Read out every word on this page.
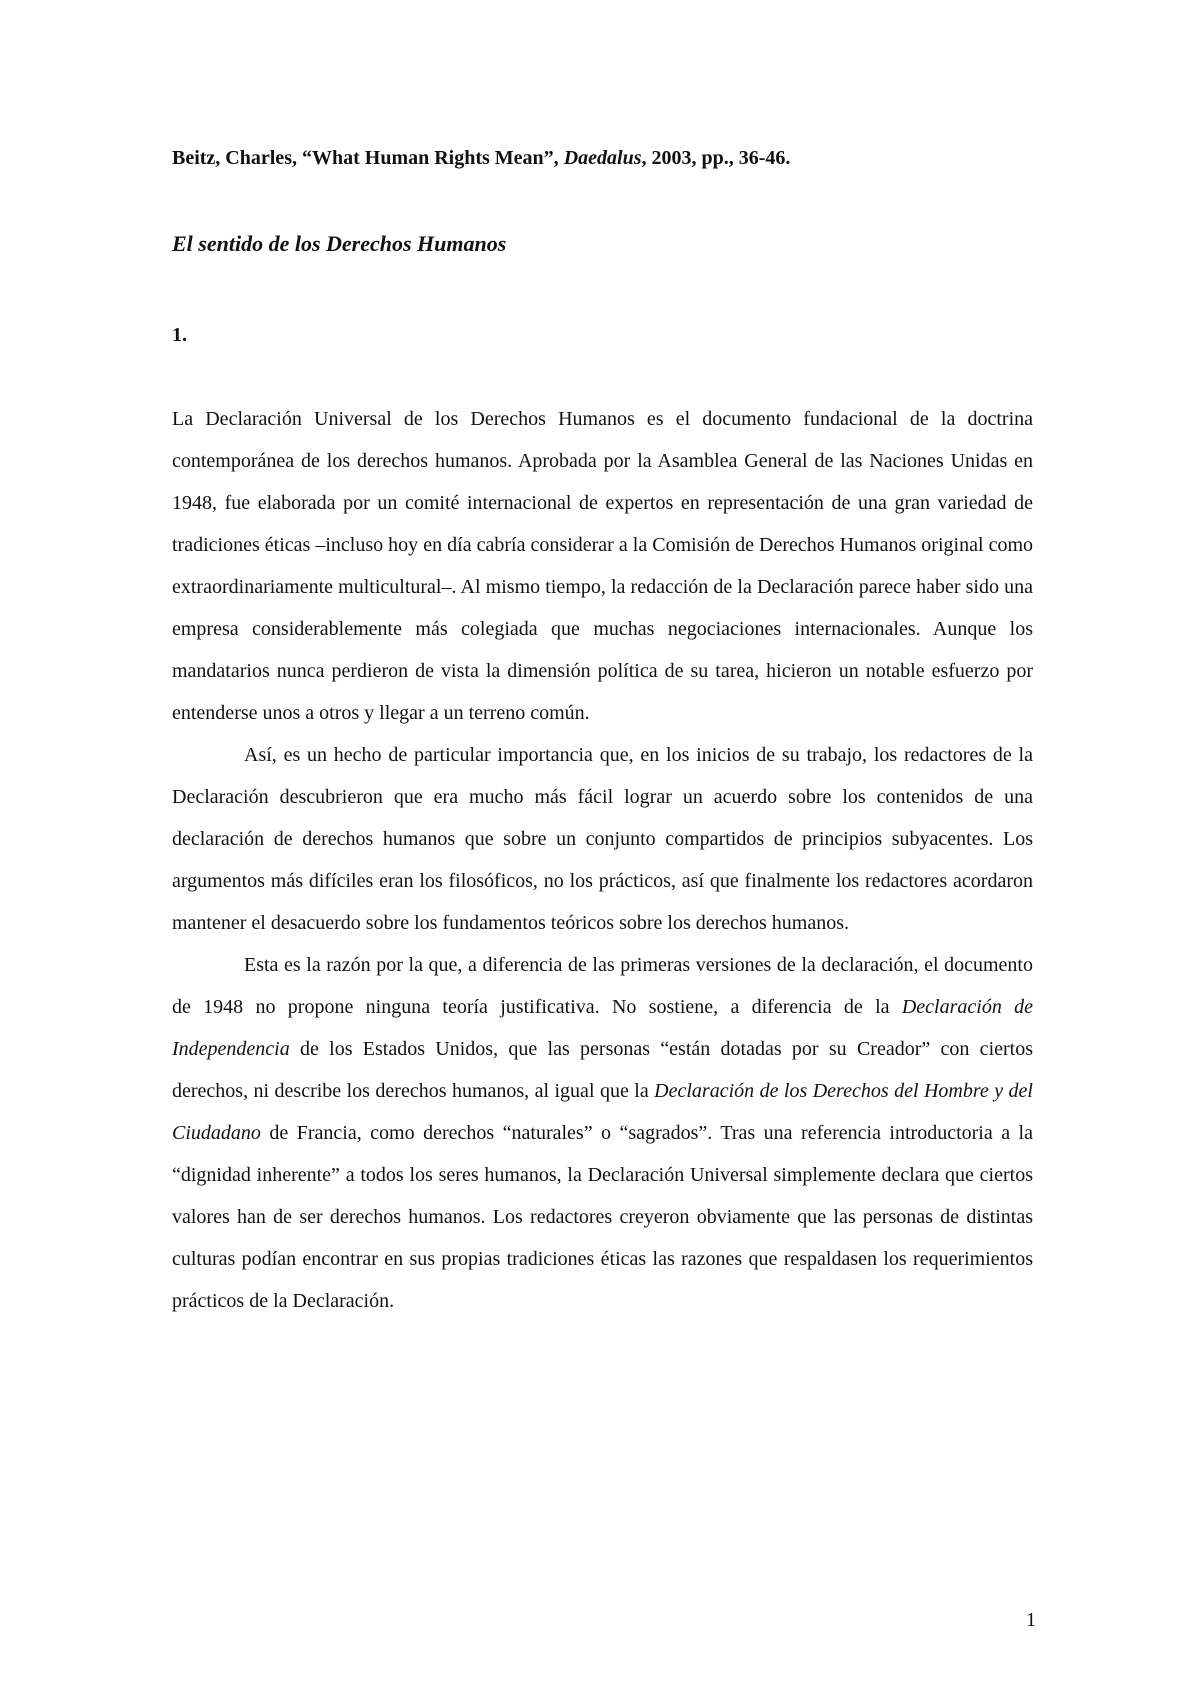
Beitz, Charles, “What Human Rights Mean”, Daedalus, 2003, pp., 36-46.
El sentido de los Derechos Humanos
1.

La Declaración Universal de los Derechos Humanos es el documento fundacional de la doctrina contemporánea de los derechos humanos. Aprobada por la Asamblea General de las Naciones Unidas en 1948, fue elaborada por un comité internacional de expertos en representación de una gran variedad de tradiciones éticas –incluso hoy en día cabría considerar a la Comisión de Derechos Humanos original como extraordinariamente multicultural–. Al mismo tiempo, la redacción de la Declaración parece haber sido una empresa considerablemente más colegiada que muchas negociaciones internacionales. Aunque los mandatarios nunca perdieron de vista la dimensión política de su tarea, hicieron un notable esfuerzo por entenderse unos a otros y llegar a un terreno común.

Así, es un hecho de particular importancia que, en los inicios de su trabajo, los redactores de la Declaración descubrieron que era mucho más fácil lograr un acuerdo sobre los contenidos de una declaración de derechos humanos que sobre un conjunto compartidos de principios subyacentes. Los argumentos más difíciles eran los filosóficos, no los prácticos, así que finalmente los redactores acordaron mantener el desacuerdo sobre los fundamentos teóricos sobre los derechos humanos.

Esta es la razón por la que, a diferencia de las primeras versiones de la declaración, el documento de 1948 no propone ninguna teoría justificativa. No sostiene, a diferencia de la Declaración de Independencia de los Estados Unidos, que las personas “están dotadas por su Creador” con ciertos derechos, ni describe los derechos humanos, al igual que la Declaración de los Derechos del Hombre y del Ciudadano de Francia, como derechos “naturales” o “sagrados”. Tras una referencia introductoria a la “dignidad inherente” a todos los seres humanos, la Declaración Universal simplemente declara que ciertos valores han de ser derechos humanos. Los redactores creyeron obviamente que las personas de distintas culturas podían encontrar en sus propias tradiciones éticas las razones que respaldasen los requerimientos prácticos de la Declaración.

1
